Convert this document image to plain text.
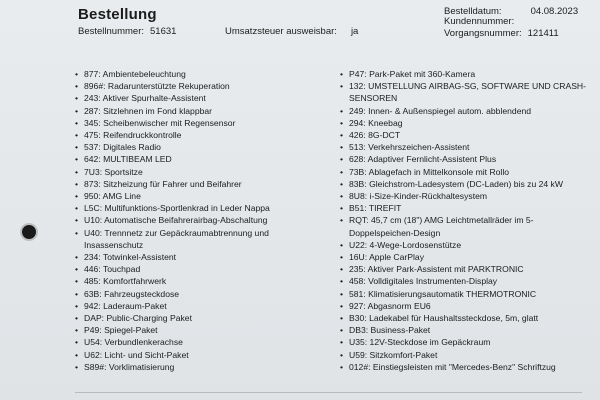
Bestellung
Bestellnummer: 51631	Umsatzsteuer ausweisbar: ja
Bestelldatum:	04.08.2023
Kundennummer:
Vorgangsnummer: 121411
• 877: Ambientebeleuchtung
• 896#: Radarunterstützte Rekuperation
• 243: Aktiver Spurhalte-Assistent
• 287: Sitzlehnen im Fond klappbar
• 345: Scheibenwischer mit Regensensor
• 475: Reifendruckkontrolle
• 537: Digitales Radio
• 642: MULTIBEAM LED
• 7U3: Sportsitze
• 873: Sitzheizung für Fahrer und Beifahrer
• 950: AMG Line
• L5C: Multifunktions-Sportlenkrad in Leder Nappa
• U10: Automatische Beifahrerairbag-Abschaltung
• U40: Trennnetz zur Gepäckraumabtrennung und Insassenschutz
• 234: Totwinkel-Assistent
• 446: Touchpad
• 485: Komfortfahrwerk
• 63B: Fahrzeugsteckdose
• 942: Laderaum-Paket
• DAP: Public-Charging Paket
• P49: Spiegel-Paket
• U54: Verbundlenkerachse
• U62: Licht- und Sicht-Paket
• S89#: Vorklimatisierung
• P47: Park-Paket mit 360-Kamera
• 132: UMSTELLUNG AIRBAG-SG, SOFTWARE UND CRASH-SENSOREN
• 249: Innen- & Außenspiegel autom. abblendend
• 294: Kneebag
• 426: 8G-DCT
• 513: Verkehrszeichen-Assistent
• 628: Adaptiver Fernlicht-Assistent Plus
• 73B: Ablagefach in Mittelkonsole mit Rollo
• 83B: Gleichstrom-Ladesystem (DC-Laden) bis zu 24 kW
• 8U8: i-Size-Kinder-Rückhaltesystem
• B51: TIREFIT
• RQT: 45,7 cm (18") AMG Leichtmetallräder im 5-Doppelspeichen-Design
• U22: 4-Wege-Lordosenstütze
• 16U: Apple CarPlay
• 235: Aktiver Park-Assistent mit PARKTRONIC
• 458: Volldigitales Instrumenten-Display
• 581: Klimatisierungsautomatik THERMOTRONIC
• 927: Abgasnorm EU6
• B30: Ladekabel für Haushaltssteckdose, 5m, glatt
• DB3: Business-Paket
• U35: 12V-Steckdose im Gepäckraum
• U59: Sitzkomfort-Paket
• 012#: Einstiegsleisten mit "Mercedes-Benz" Schriftzug
